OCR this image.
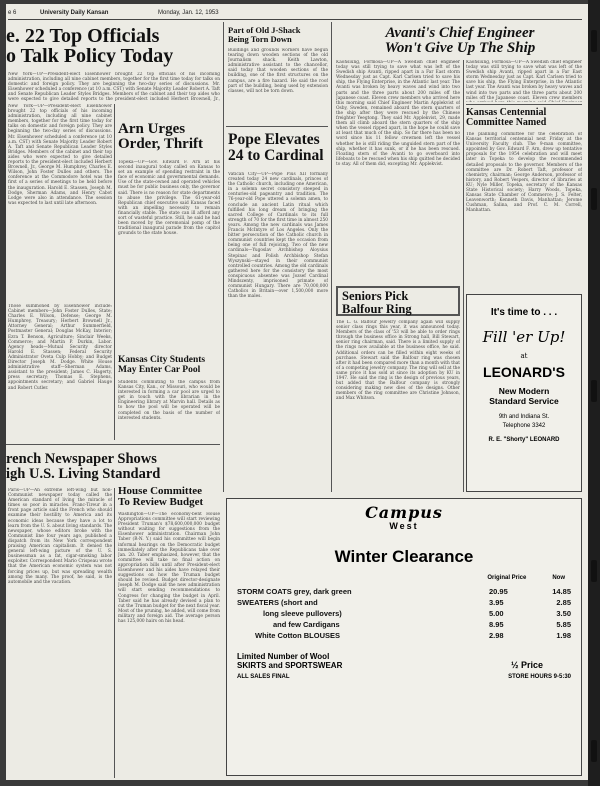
e 6	University Daily Kansan	Monday, Jan. 12, 1953
e. 22 Top Officials
o Talk Policy Today
New York—UP—President-elect Eisenhower brought 22 top officials of his incoming administration, including all nine cabinet members, together for the first time today for talks on domestic and foreign policy. They are beginning the two-day series of discussions. Mr. Eisenhower scheduled a conference (at 10 a.m. CST) with Senate Majority Leader Robert A. Taft and Senate Republican Leader Styles Bridges. Members of the cabinet and their top aides who were expected to give detailed reports to the president-elect included Herbert Brownell, Jr.,
New York—UP—President-elect Eisenhower brought 22 top officials of his incoming administration, including all nine cabinet members, together for the first time today for talks on domestic and foreign policy. They are beginning the two-day series of discussions. Mr. Eisenhower scheduled a conference (at 10 a.m. CST) with Senate Majority Leader Robert A. Taft and Senate Republican Leader Styles Bridges. Members of the cabinet and their top aides who were expected to give detailed reports to the president-elect included Herbert Brownell, Jr., George M. Humphrey, Charles E. Wilson, John Foster Dulles and others. The conference at the Commodore hotel was the first of a series of meetings to be held before the inauguration. Harold E. Stassen, Joseph M. Dodge, Sherman Adams, and Henry Cabot Lodge were also in attendance. The session was expected to last until late afternoon.
Those summoned by Eisenhower include: Cabinet members—John Foster Dulles, State; Charles E. Wilson, Defense; George M. Humphrey, Treasury; Herbert Brownell Jr., Attorney General; Arthur Summerfield, Postmaster General; Douglas McKay, Interior; Ezra T. Benson, Agriculture; Sinclair Weeks, Commerce; and Martin P. Durkin, Labor. Agency heads—Mutual Security director Harold E. Stassen; Federal Security Administrator Oveta Culp Hobby; and Budget Director Joseph M. Dodge. White House administrative staff—Sherman Adams, assistant to the president; James C. Hagerty, press secretary; Thomas E. Stephens, appointments secretary; and Gabriel Hauge and Robert Cutler.
Arn Urges
Order, Thrift
Topeka—UP—Gov. Edward F. Arn at his second inaugural today called on Kansas to set an example of spending restraint in the face of economic and governmental demands. Use of the state-owned and operated vehicles must be for public business only, the governor said. There is no reason for state departments to abuse the privilege. The 61-year-old Republican chief executive said Kansas faced with an impelling necessity to remain financially stable. The state can ill afford any sort of wasteful practice. Still, he said he had been moved by the ceremonial pomp of the traditional inaugural parade from the capitol grounds to the state house.
Kansas City Students
May Enter Car Pool
Students commuting to the campus from Kansas City, Kan., or Missouri, who would be interested in forming a car pool are urged to get in touch with the librarian in the Engineering library at Marvin hall. Details as to how the pool will be operated will be completed on the basis of the number of interested students.
rench Newspaper Shows
igh U.S. Living Standard
Paris—UP—An extreme left-wing but non-Communist newspaper today called the American standard of living the miracle of times so poor in miracles. Franc-Tireur in a front page article said the French who should examine their hostility to America and its economic ideas because they have a lot to learn from the U. S. about living standards. The newspaper, whose editors broke with the Communist line four years ago, published a dispatch from its New York correspondent praising American capitalism. It denied the general left-wing picture of the U. S. businessman as a fat, cigar-smoking labor exploiter. Correspondent Mario Crispeau wrote that the American economic system was not forcing prices up, but was spreading wealth among the many. The proof, he said, is the automobile and the vacation.
House Committee
To Review Budget
Washington—UP—The economy-bent House Appropriations committee will start reviewing President Truman's $78,600,000,000 budget without waiting for suggestions from the Eisenhower administration. Chairman John Taber (R-N. Y.) said his committee will begin informal hearings on the Democratic budget immediately after the Republicans take over Jan. 20. Taber emphasized, however, that the committee will take no final action on appropriation bills until after President-elect Eisenhower and his aides have relayed their suggestions on how the Truman budget should be revised. Budget director-designate Joseph M. Dodge said the new administration will start sending recommendations to Congress for changing the budget in April. Taber said he has already devised a plan to cut the Truman budget for the next fiscal year. Most of the pruning, he added, will come from military and foreign aid. The average person has 125,000 hairs on his head.
Part of Old J-Shack
Being Torn Down
Buildings and grounds workers have begun tearing down wooden sections of the old Journalism shack. Keith Lawton, administrative assistant to the chancellor, said today that wooden sections of the building, one of the first structures on the campus, are a fire hazard. He said the roof part of the building, being used by extension classes, will not be torn down.
Pope Elevates
24 to Cardinal
Vatican City—UP—Pope Pius XII formally created today 24 new cardinals, princes of the Catholic church, including one American, in a solemn secret consistory steeped in centuries-old pageantry and tradition. The 76-year-old Pope uttered a solemn amen, to conclude an ancient Latin ritual which fulfilled his long dream of bringing the sacred College of Cardinals to its full strength of 70 for the first time in almost 250 years. Among the new cardinals was James Francis McIntyre of Los Angeles. Only the bitter persecution of the Catholic church in communist countries kept the occasion from being one of full rejoicing. Two of the new cardinals—Yugoslav Archbishop Aloysius Stepinac and Polish Archbishop Stefan Wyszynski—stayed in their communist controlled countries. Among the old cardinals gathered here for the consistory the most conspicuous absentee was Jozsef Cardinal Mindszenty, imprisoned primate of communist Hungary. There are 70,000,000 Catholics in Britain—over 1,500,000 more than the males.
Avanti's Chief Engineer
Won't Give Up The Ship
Kaohsiung, Formosa—UP—A Swedish chief engineer today was still trying to save what was left of the Swedish ship Avanti, ripped apart in a Far East storm Wednesday just as Capt. Karl Carlsen tried to save his ship, the Flying Enterprise, in the Atlantic last year. The Avanti was broken by heavy waves and wind into two parts and the three parts about 200 miles off the Japanese coast. Eleven crew members who arrived here this morning said Chief Engineer Martin Applekvist of Osby, Sweden, remained aboard the stern quarters of the ship after they were rescued by the Chinese freighter Yeegtong. They said Mr. Applekvist, 29, made them all climb aboard the stern quarters of the ship when the vessel ripped apart, in the hope he could save at least that much of the ship. So far there has been no word since his 11 fellow crewmen left the vessel whether he is still riding the unguided stern part of the ship, whether it has sunk, or if he has been rescued. Floating stern of the Avanti to go overboard into lifeboats to be rescued when his ship quitted he decided to stay. All of them did, excepting Mr. Applekvist.
Kaohsiung, Formosa—UP—A Swedish chief engineer today was still trying to save what was left of the Swedish ship Avanti, ripped apart in a Far East storm Wednesday just as Capt. Karl Carlsen tried to save his ship, the Flying Enterprise, in the Atlantic last year. The Avanti was broken by heavy waves and wind into two parts and the three parts about 200 miles off the Japanese coast. Eleven crew members
Kansas Centennial
Committee Named
The planning committee for the celebration of Kansas territorial centennial next Friday at the University Faculty club. The 9-man committee, appointed by Gov. Edward F. Arn, drew up tentative proposals for the 1954 celebration and will meet later in Topeka to develop the recommended detailed proposals to the governor. Members of the committee are Dr. Robert Taft, professor of chemistry, chairman; George Anderson, professor of history, and Robert Vespers, director of libraries at KU; Nyle Miller, Topeka, secretary of the Kansas State Historical society; Harry Woods, Topeka, Kansas State Chamber of Commerce; J. S. Felter, Leavenworth; Kenneth Davis, Manhattan; Jerome Cushman, Salina, and Prof. C. M. Correll, Manhattan.
Seniors Pick
Balfour Ring
The L. G. Balfour Jewelry company again will supply senior class rings this year, it was announced today. Members of the class of '53 will be able to order rings through the business office in Strong hall, Bill Stewart, senior ring chairman, said. There is a limited supply of the rings now available at the business office, he said. Additional orders can be filled within eight weeks of purchase. Stewart said the Balfour ring was chosen after it had been compared more than a month with that of a competing jewelry company. The ring will sell at the same price it has sold at since its adoption by KU in 1947. He said the ring is the design of previous years, but added that the Balfour company is strongly considering making new dies of the designs. Other members of the ring committee are Christine Johnson, and Max Whitson.
It's time to . . .
Fill 'er Up!
at
LEONARD'S
New Modern
Standard Service
9th and Indiana St.
Telephone 3342
R. E. "Shorty" LEONARD
Campus
West
Winter Clearance
Original Price	Now
STORM COATS grey, dark green	20.95	14.85
SWEATERS (short and	3.95	2.85
long sleeve pullovers)	5.00	3.50
and few Cardigans	8.95	5.85
White Cotton BLOUSES	2.98	1.98
Limited Number of Wool
SKIRTS and SPORTSWEAR	½ Price
ALL SALES FINAL	STORE HOURS 9-5:30
